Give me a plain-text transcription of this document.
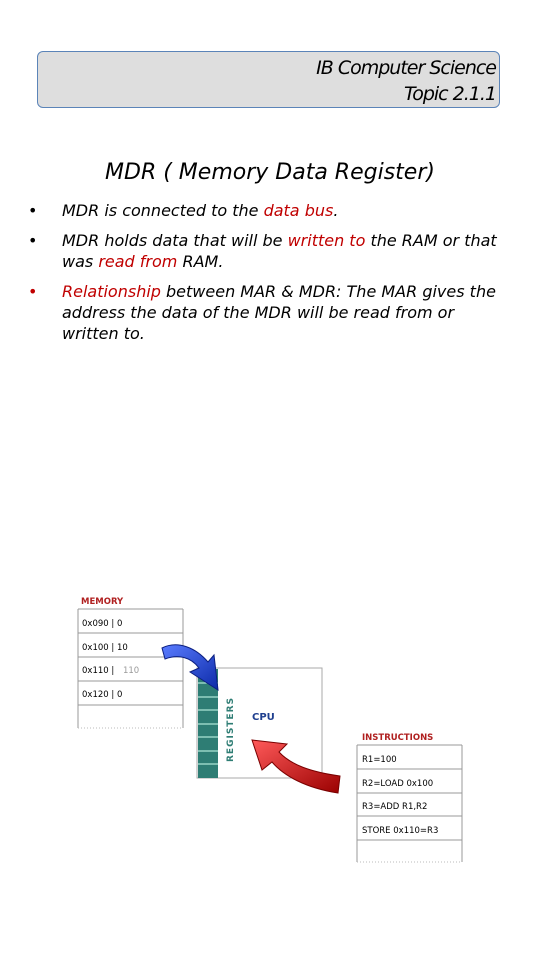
IB Computer Science
Topic 2.1.1
MDR ( Memory Data Register)
• MDR is connected to the data bus.
• MDR holds data that will be written to the RAM or that was read from RAM.
• Relationship between MAR & MDR: The MAR gives the address the data of the MDR will be read from or written to.
MEMORY
0x090 | 0
0x100 | 10
0x110 | 110
0x120 | 0
REGISTERS CPU
INSTRUCTIONS
R1=100
R2=LOAD 0x100
R3=ADD R1,R2
STORE 0x110=R3
